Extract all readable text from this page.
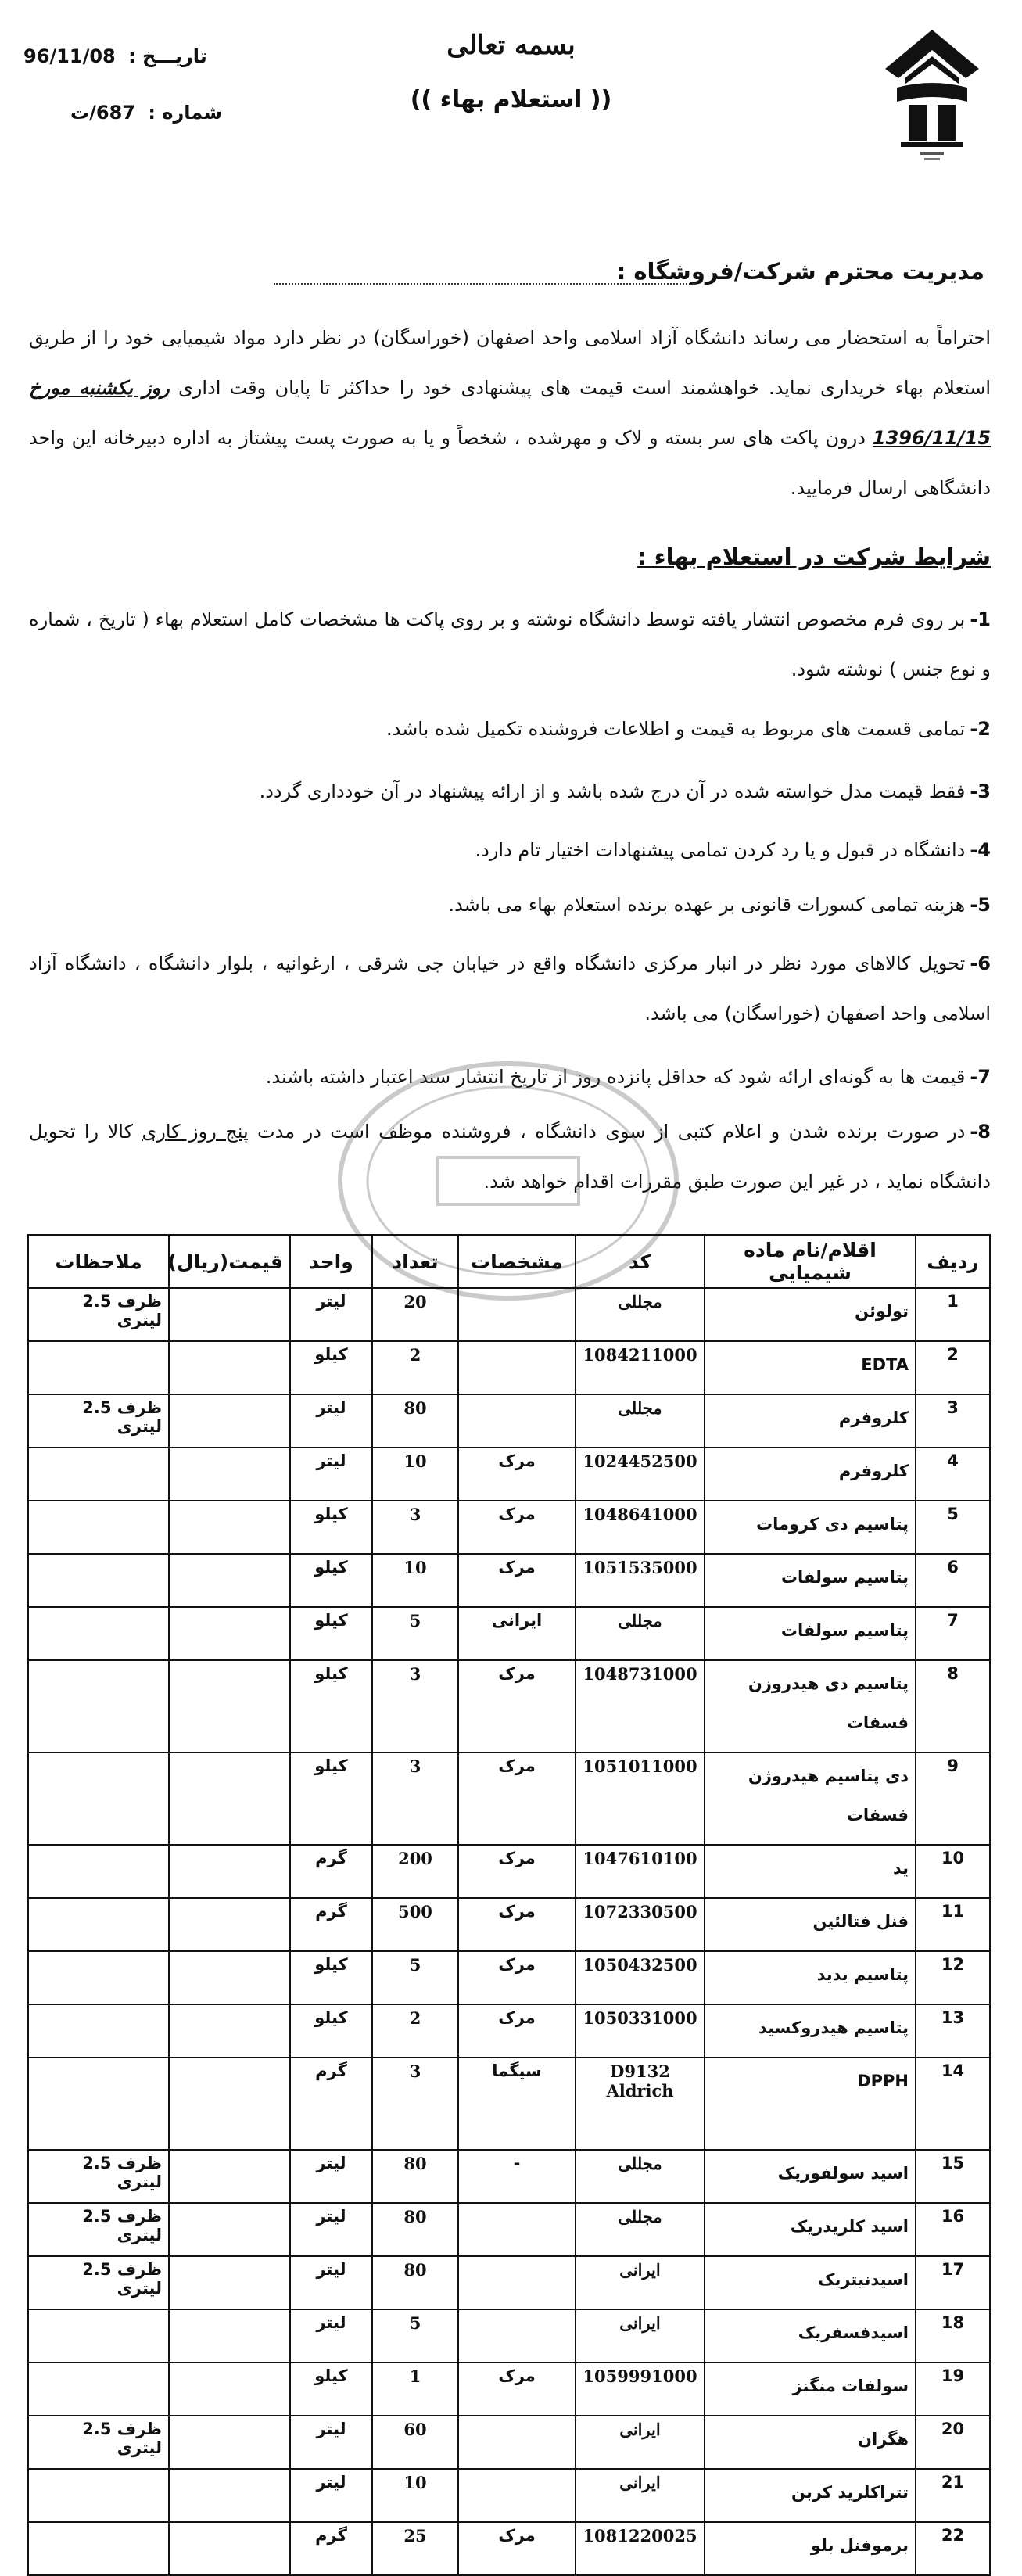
بسمه تعالی
(( استعلام بهاء ))
تاریـــخ : 96/11/08
شماره : 687/ت
مدیریت محترم شرکت/فروشگاه :
احتراماً به استحضار می رساند دانشگاه آزاد اسلامی واحد اصفهان (خوراسگان) در نظر دارد مواد شیمیایی خود را از طریق استعلام بهاء خریداری نماید. خواهشمند است قیمت های پیشنهادی خود را حداکثر تا پایان وقت اداری روز یکشنبه مورخ 1396/11/15 درون پاکت های سر بسته و لاک و مهرشده ، شخصاً و یا به صورت پست پیشتاز به اداره دبیرخانه این واحد دانشگاهی ارسال فرمایید.
شرایط شرکت در استعلام بهاء :
1-بر روی فرم مخصوص انتشار یافته توسط دانشگاه نوشته و بر روی پاکت ها مشخصات کامل استعلام بهاء ( تاریخ ، شماره و نوع جنس ) نوشته شود.
2-تمامی قسمت های مربوط به قیمت و اطلاعات فروشنده تکمیل شده باشد.
3-فقط قیمت مدل خواسته شده در آن درج شده باشد و از ارائه پیشنهاد در آن خودداری گردد.
4-دانشگاه در قبول و یا رد کردن تمامی پیشنهادات اختیار تام دارد.
5-هزینه تمامی کسورات قانونی بر عهده برنده استعلام بهاء می باشد.
6-تحویل کالاهای مورد نظر در انبار مرکزی دانشگاه واقع در خیابان جی شرقی ، ارغوانیه ، بلوار دانشگاه ، دانشگاه آزاد اسلامی واحد اصفهان (خوراسگان) می باشد.
7-قیمت ها به گونه‌ای ارائه شود که حداقل پانزده روز از تاریخ انتشار سند اعتبار داشته باشند.
8-در صورت برنده شدن و اعلام کتبی از سوی دانشگاه ، فروشنده موظف است در مدت پنج روز کاری کالا را تحویل دانشگاه نماید ، در غیر این صورت طبق مقررات اقدام خواهد شد.
ردیف	اقلام/نام ماده شیمیایی	کد	مشخصات	تعداد	واحد	قیمت(ریال)	ملاحظات
1	تولوئن	مجللی		20	لیتر		ظرف 2.5 لیتری
2	EDTA	1084211000		2	کیلو		
3	کلروفرم	مجللی		80	لیتر		ظرف 2.5 لیتری
4	کلروفرم	1024452500	مرک	10	لیتر		
5	پتاسیم دی کرومات	1048641000	مرک	3	کیلو		
6	پتاسیم سولفات	1051535000	مرک	10	کیلو		
7	پتاسیم سولفات	مجللی	ایرانی	5	کیلو		
8	پتاسیم دی هیدروزن فسفات	1048731000	مرک	3	کیلو		
9	دی پتاسیم هیدروژن فسفات	1051011000	مرک	3	کیلو		
10	ید	1047610100	مرک	200	گرم		
11	فنل فتالئین	1072330500	مرک	500	گرم		
12	پتاسیم یدید	1050432500	مرک	5	کیلو		
13	پتاسیم هیدروکسید	1050331000	مرک	2	کیلو		
14	DPPH	D9132 Aldrich	سیگما	3	گرم		
15	اسید سولفوریک	مجللی	-	80	لیتر		ظرف 2.5 لیتری
16	اسید کلریدریک	مجللی		80	لیتر		ظرف 2.5 لیتری
17	اسیدنیتریک	ایرانی		80	لیتر		ظرف 2.5 لیتری
18	اسیدفسفریک	ایرانی		5	لیتر		
19	سولفات منگنز	1059991000	مرک	1	کیلو		
20	هگزان	ایرانی		60	لیتر		ظرف 2.5 لیتری
21	تتراکلرید کربن	ایرانی		10	لیتر		
22	برموفنل بلو	1081220025	مرک	25	گرم		
